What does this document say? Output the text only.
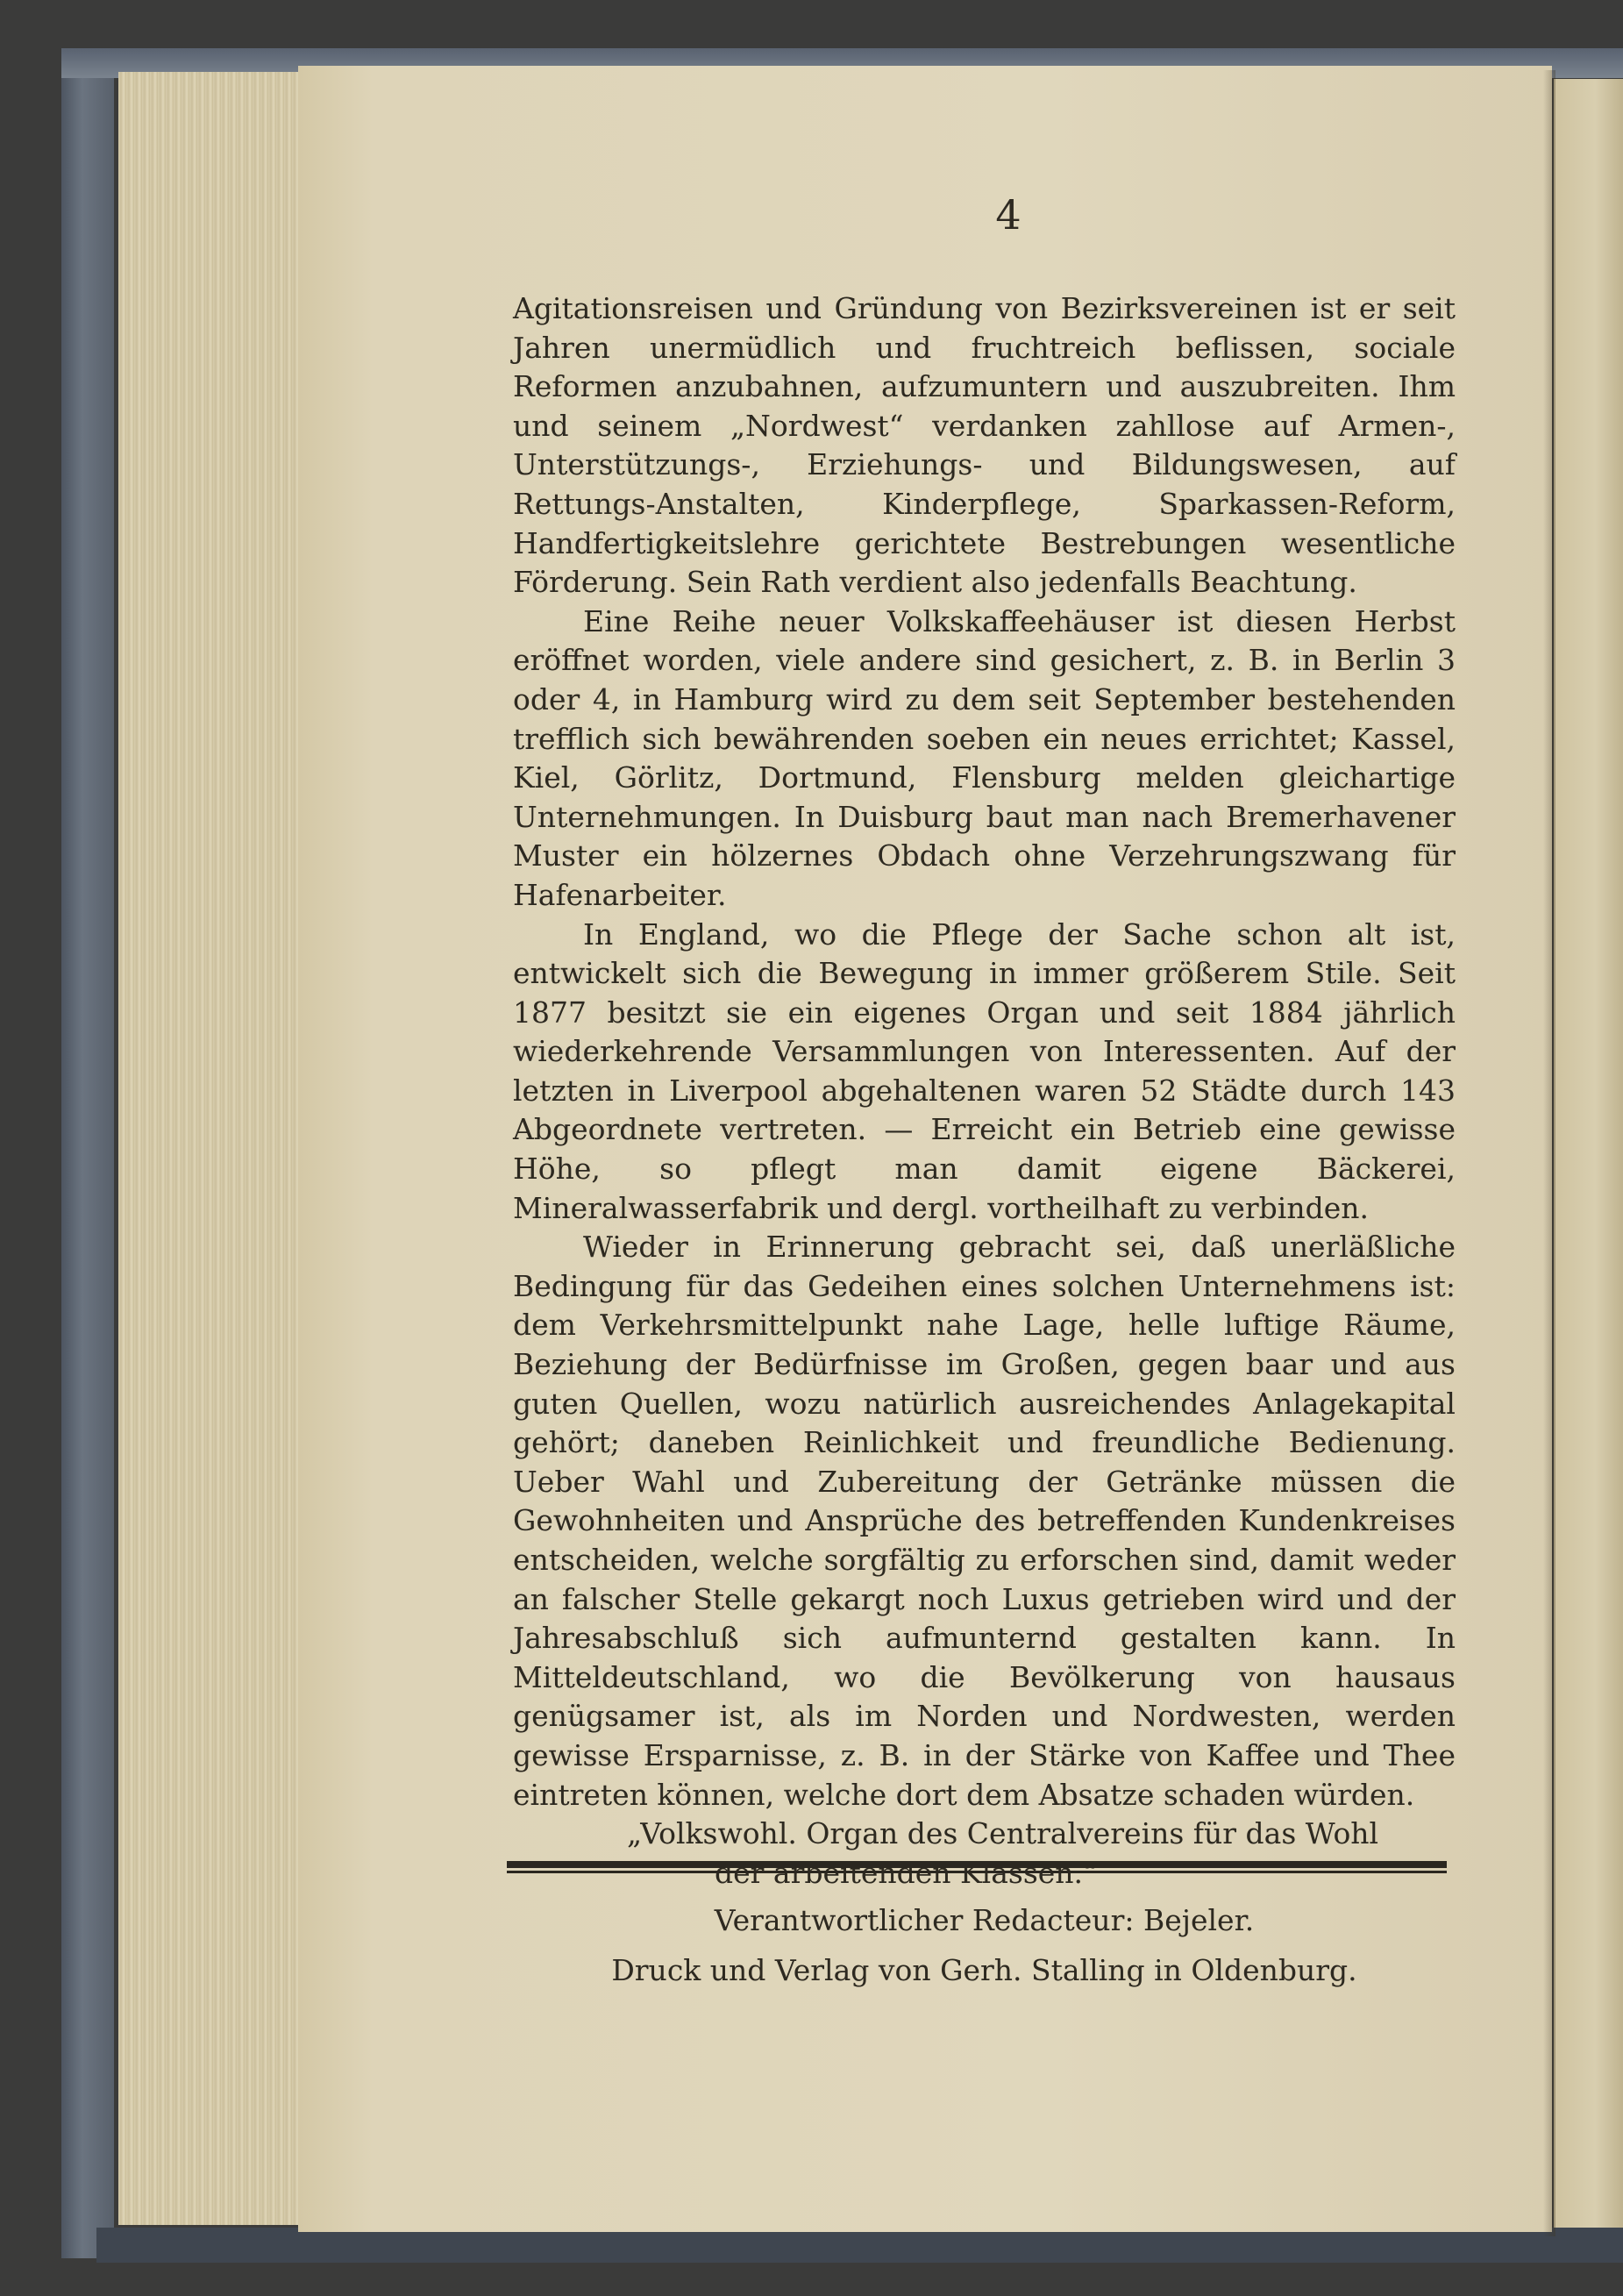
4

Agitationsreisen und Gründung von Bezirksvereinen ist er seit Jahren unermüdlich und fruchtreich beflissen, sociale Reformen anzubahnen, aufzumuntern und auszubreiten. Ihm und seinem „Nordwest“ verdanken zahllose auf Armen-, Unterstützungs-, Erziehungs- und Bildungswesen, auf Rettungs-Anstalten, Kinderpflege, Sparkassen-Reform, Handfertigkeitslehre gerichtete Bestrebungen wesentliche Förderung. Sein Rath verdient also jedenfalls Beachtung.

Eine Reihe neuer Volkskaffeehäuser ist diesen Herbst eröffnet worden, viele andere sind gesichert, z. B. in Berlin 3 oder 4, in Hamburg wird zu dem seit September bestehenden trefflich sich bewährenden soeben ein neues errichtet; Kassel, Kiel, Görlitz, Dortmund, Flensburg melden gleichartige Unternehmungen. In Duisburg baut man nach Bremerhavener Muster ein hölzernes Obdach ohne Verzehrungszwang für Hafenarbeiter.

In England, wo die Pflege der Sache schon alt ist, entwickelt sich die Bewegung in immer größerem Stile. Seit 1877 besitzt sie ein eigenes Organ und seit 1884 jährlich wiederkehrende Versammlungen von Interessenten. Auf der letzten in Liverpool abgehaltenen waren 52 Städte durch 143 Abgeordnete vertreten. — Erreicht ein Betrieb eine gewisse Höhe, so pflegt man damit eigene Bäckerei, Mineralwasserfabrik und dergl. vortheilhaft zu verbinden.

Wieder in Erinnerung gebracht sei, daß unerläßliche Bedingung für das Gedeihen eines solchen Unternehmens ist: dem Verkehrsmittelpunkt nahe Lage, helle luftige Räume, Beziehung der Bedürfnisse im Großen, gegen baar und aus guten Quellen, wozu natürlich ausreichendes Anlagekapital gehört; daneben Reinlichkeit und freundliche Bedienung. Ueber Wahl und Zubereitung der Getränke müssen die Gewohnheiten und Ansprüche des betreffenden Kundenkreises entscheiden, welche sorgfältig zu erforschen sind, damit weder an falscher Stelle gekargt noch Luxus getrieben wird und der Jahresabschluß sich aufmunternd gestalten kann. In Mitteldeutschland, wo die Bevölkerung von hausaus genügsamer ist, als im Norden und Nordwesten, werden gewisse Ersparnisse, z. B. in der Stärke von Kaffee und Thee eintreten können, welche dort dem Absatze schaden würden.

„Volkswohl. Organ des Centralvereins für das Wohl

der arbeitenden Klassen.“

Verantwortlicher Redacteur: Bejeler.
Druck und Verlag von Gerh. Stalling in Oldenburg.
